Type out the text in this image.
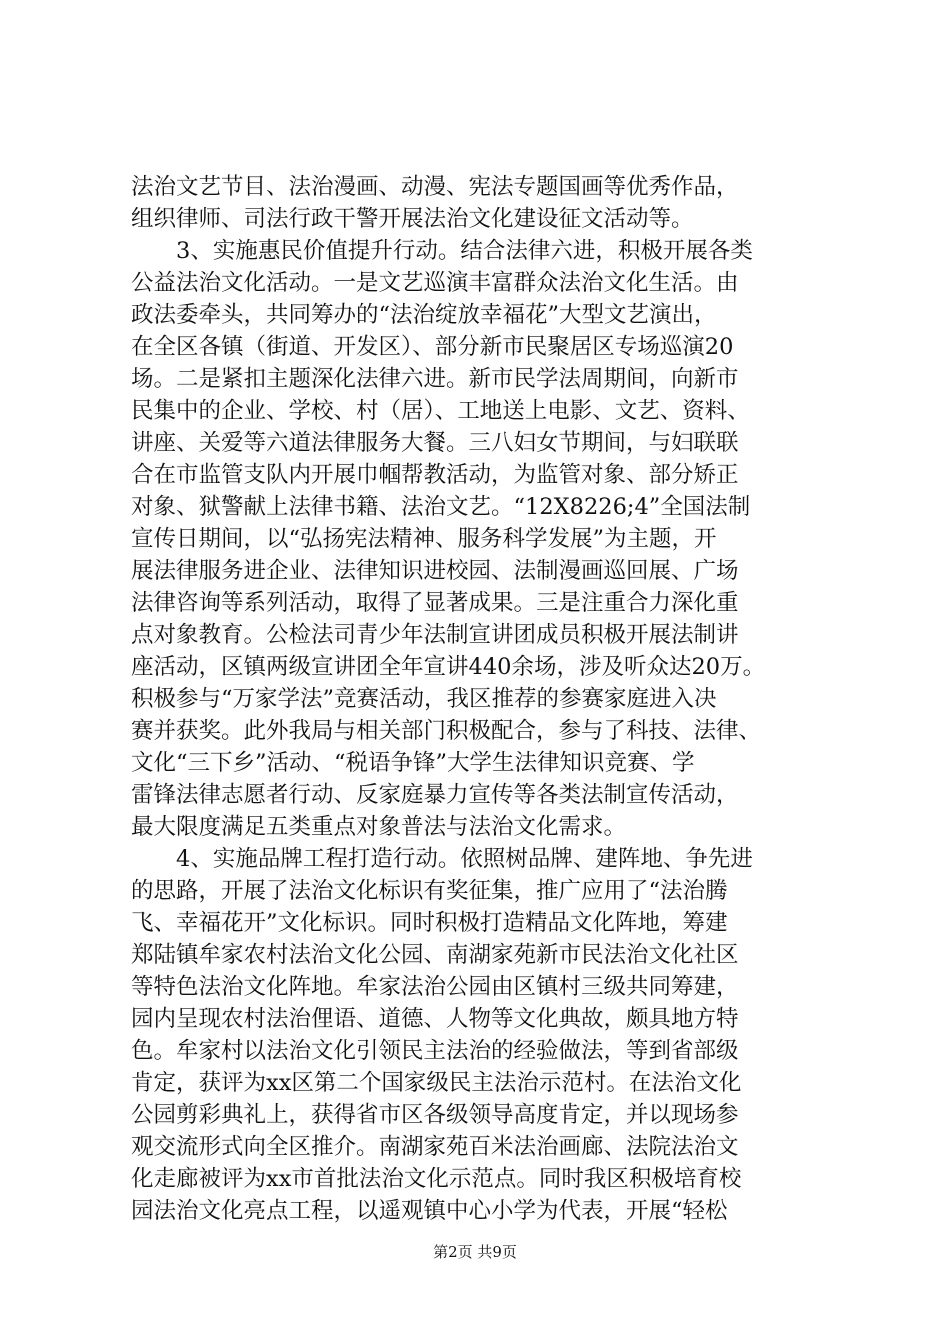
法治文艺节目、法治漫画、动漫、宪法专题国画等优秀作品，
组织律师、司法行政干警开展法治文化建设征文活动等。
3、实施惠民价值提升行动。结合法律六进，积极开展各类
公益法治文化活动。一是文艺巡演丰富群众法治文化生活。由
政法委牵头，共同筹办的“法治绽放幸福花”大型文艺演出，
在全区各镇（街道、开发区）、部分新市民聚居区专场巡演20
场。二是紧扣主题深化法律六进。新市民学法周期间，向新市
民集中的企业、学校、村（居）、工地送上电影、文艺、资料、
讲座、关爱等六道法律服务大餐。三八妇女节期间，与妇联联
合在市监管支队内开展巾帼帮教活动，为监管对象、部分矫正
对象、狱警献上法律书籍、法治文艺。“12X8226;4”全国法制
宣传日期间，以“弘扬宪法精神、服务科学发展”为主题，开
展法律服务进企业、法律知识进校园、法制漫画巡回展、广场
法律咨询等系列活动，取得了显著成果。三是注重合力深化重
点对象教育。公检法司青少年法制宣讲团成员积极开展法制讲
座活动，区镇两级宣讲团全年宣讲440余场，涉及听众达20万。
积极参与“万家学法”竞赛活动，我区推荐的参赛家庭进入决
赛并获奖。此外我局与相关部门积极配合，参与了科技、法律、
文化“三下乡”活动、“税语争锋”大学生法律知识竞赛、学
雷锋法律志愿者行动、反家庭暴力宣传等各类法制宣传活动，
最大限度满足五类重点对象普法与法治文化需求。
4、实施品牌工程打造行动。依照树品牌、建阵地、争先进
的思路，开展了法治文化标识有奖征集，推广应用了“法治腾
飞、幸福花开”文化标识。同时积极打造精品文化阵地，筹建
郑陆镇牟家农村法治文化公园、南湖家苑新市民法治文化社区
等特色法治文化阵地。牟家法治公园由区镇村三级共同筹建，
园内呈现农村法治俚语、道德、人物等文化典故，颇具地方特
色。牟家村以法治文化引领民主法治的经验做法，等到省部级
肯定，获评为xx区第二个国家级民主法治示范村。在法治文化
公园剪彩典礼上，获得省市区各级领导高度肯定，并以现场参
观交流形式向全区推介。南湖家苑百米法治画廊、法院法治文
化走廊被评为xx市首批法治文化示范点。同时我区积极培育校
园法治文化亮点工程，以遥观镇中心小学为代表，开展“轻松
第2页 共9页
